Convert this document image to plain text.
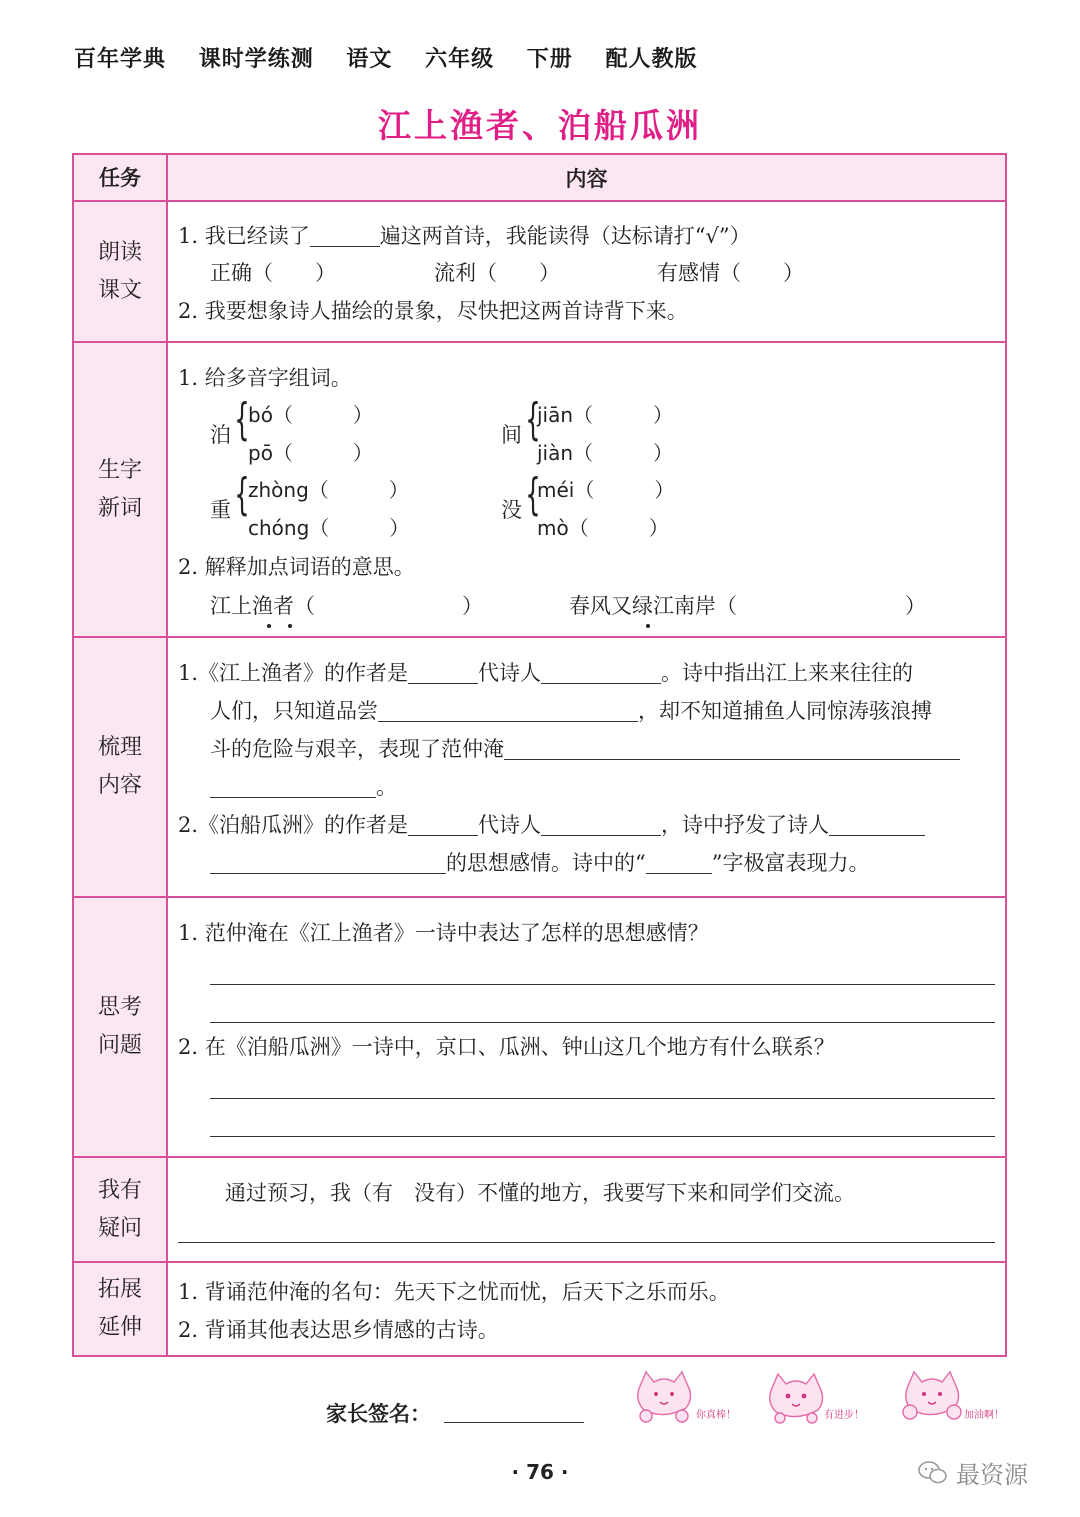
百年学典 课时学练测 语文 六年级 下册 配人教版
江上渔者、泊船瓜洲
任务	内容
朗读课文
1. 我已经读了	遍这两首诗，我能读得（达标请打“√”）
正确（　　）	流利（　　）	有感情（　　）
2. 我要想象诗人描绘的景象，尽快把这两首诗背下来。
生字新词
1. 给多音字组词。
泊 {
bó（　　　）
pō（　　　）
间 {
jiān（　　　）
jiàn（　　　）
重 {
zhòng（　　　）
chóng（　　　）
没 {
méi（　　　）
mò（　　　）
2. 解释加点词语的意思。
江上渔者（　　　　　　　）	春风又绿江南岸（　　　　　　　　）
梳理内容
1.《江上渔者》的作者是	代诗人	。诗中指出江上来来往往的
人们，只知道品尝	，却不知道捕鱼人同惊涛骇浪搏
斗的危险与艰辛，表现了范仲淹
。
2.《泊船瓜洲》的作者是	代诗人	，诗中抒发了诗人
的思想感情。诗中的“	”字极富表现力。
思考问题
1. 范仲淹在《江上渔者》一诗中表达了怎样的思想感情？
2. 在《泊船瓜洲》一诗中，京口、瓜洲、钟山这几个地方有什么联系？
我有疑问
通过预习，我（有　没有）不懂的地方，我要写下来和同学们交流。
拓展延伸
1. 背诵范仲淹的名句：先天下之忧而忧，后天下之乐而乐。
2. 背诵其他表达思乡情感的古诗。
家长签名：	你真棒！	有进步！	加油啊！
· 76 ·	最资源
